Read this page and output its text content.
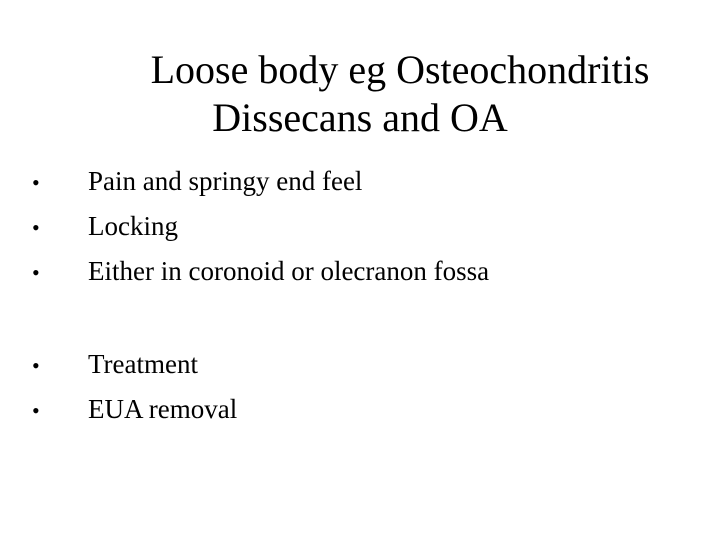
Loose body eg Osteochondritis
Dissecans and OA
• Pain and springy end feel
• Locking
• Either in coronoid or olecranon fossa
• Treatment
• EUA removal
